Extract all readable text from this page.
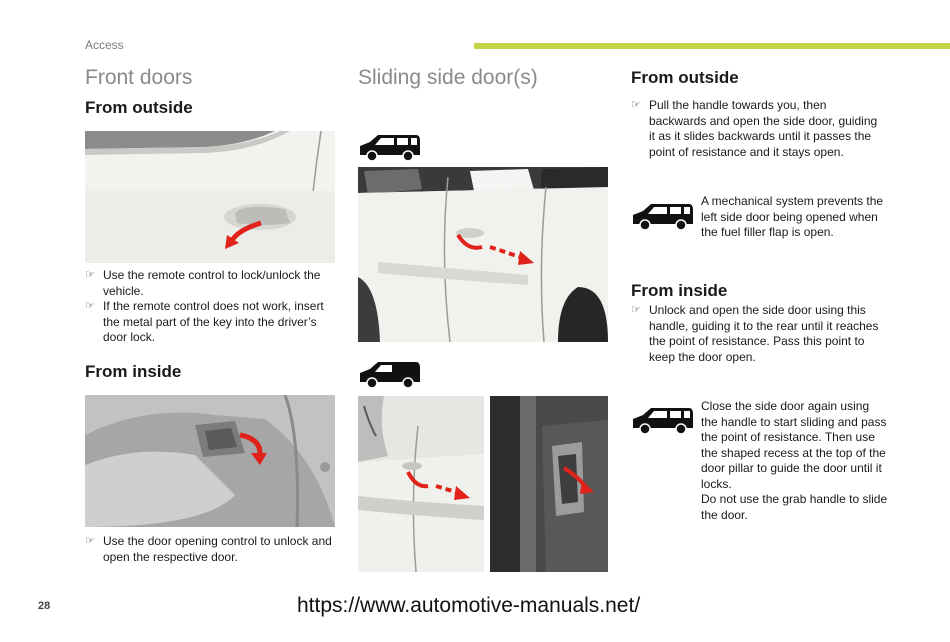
Access
Front doors
From outside
☞ Use the remote control to lock/unlock the vehicle.
☞ If the remote control does not work, insert the metal part of the key into the driver’s door lock.
From inside
☞ Use the door opening control to unlock and open the respective door.
Sliding side door(s)	From outside
☞ Pull the handle towards you, then backwards and open the side door, guiding it as it slides backwards until it passes the point of resistance and it stays open.
A mechanical system prevents the left side door being opened when the fuel filler flap is open.
From inside
☞ Unlock and open the side door using this handle, guiding it to the rear until it reaches the point of resistance. Pass this point to keep the door open.
Close the side door again using the handle to start sliding and pass the point of resistance. Then use the shaped recess at the top of the door pillar to guide the door until it locks.
Do not use the grab handle to slide the door.
28	https://www.automotive-manuals.net/
